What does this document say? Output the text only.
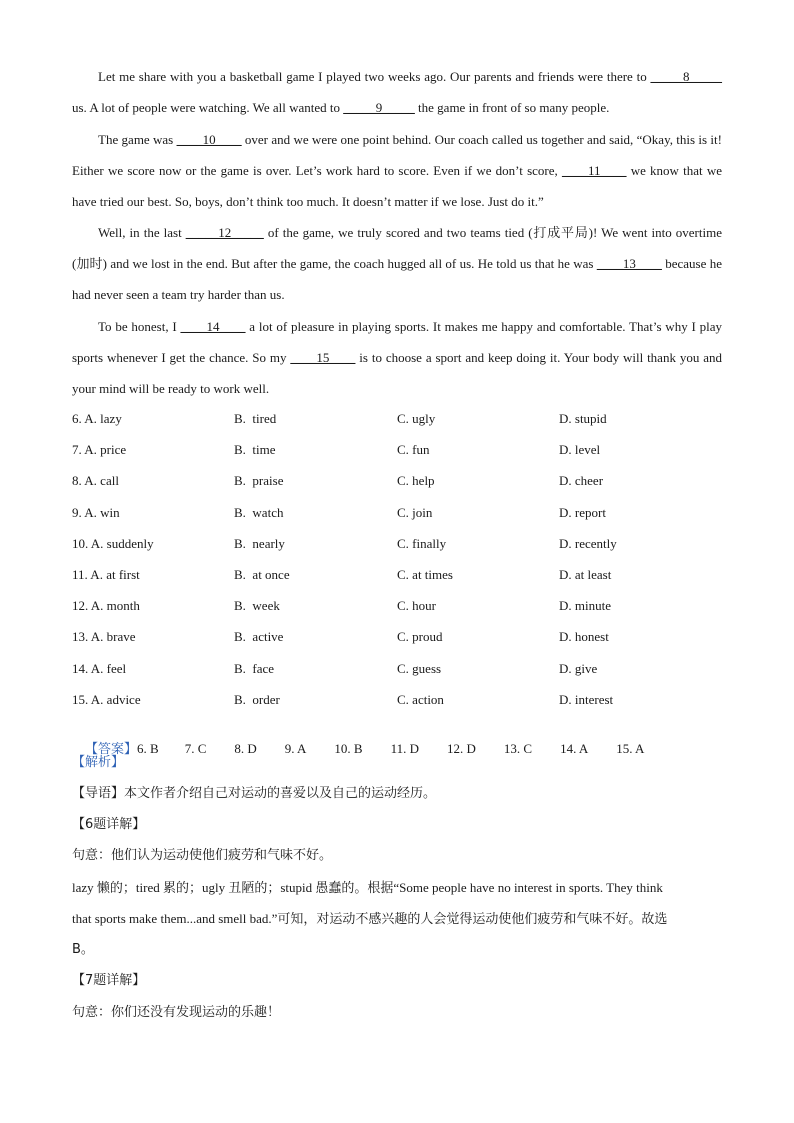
Let me share with you a basketball game I played two weeks ago. Our parents and friends were there to _____8_____ us. A lot of people were watching. We all wanted to _____9_____ the game in front of so many people.
The game was ____10____ over and we were one point behind. Our coach called us together and said, “Okay, this is it! Either we score now or the game is over. Let’s work hard to score. Even if we don’t score, ____11____ we know that we have tried our best. So, boys, don’t think too much. It doesn’t matter if we lose. Just do it.”
Well, in the last _____12_____ of the game, we truly scored and two teams tied (打成平局)! We went into overtime (加时) and we lost in the end. But after the game, the coach hugged all of us. He told us that he was ____13____ because he had never seen a team try harder than us.
To be honest, I ____14____ a lot of pleasure in playing sports. It makes me happy and comfortable. That’s why I play sports whenever I get the chance. So my ____15____ is to choose a sport and keep doing it. Your body will thank you and your mind will be ready to work well.
6. A. lazy	B.  tired	C. ugly	D. stupid
7. A. price	B.  time	C. fun	D. level
8. A. call	B.  praise	C. help	D. cheer
9. A. win	B.  watch	C. join	D. report
10. A. suddenly	B.  nearly	C. finally	D. recently
11. A. at first	B.  at once	C. at times	D. at least
12. A. month	B.  week	C. hour	D. minute
13. A. brave	B.  active	C. proud	D. honest
14. A. feel	B.  face	C. guess	D. give
15. A. advice	B.  order	C. action	D. interest

【答案】6. B 7. C 8. D 9. A 10. B 11. D 12. D 13. C 14. A 15. A

【解析】

【导语】本文作者介绍自己对运动的喜爱以及自己的运动经历。

【6题详解】

句意：他们认为运动使他们疲劳和气味不好。

lazy 懒的；tired 累的；ugly 丑陋的；stupid 愚蠢的。根据“Some people have no interest in sports. They think

that sports make them...and smell bad.”可知，对运动不感兴趣的人会觉得运动使他们疲劳和气味不好。故选

B。

【7题详解】

句意：你们还没有发现运动的乐趣！
